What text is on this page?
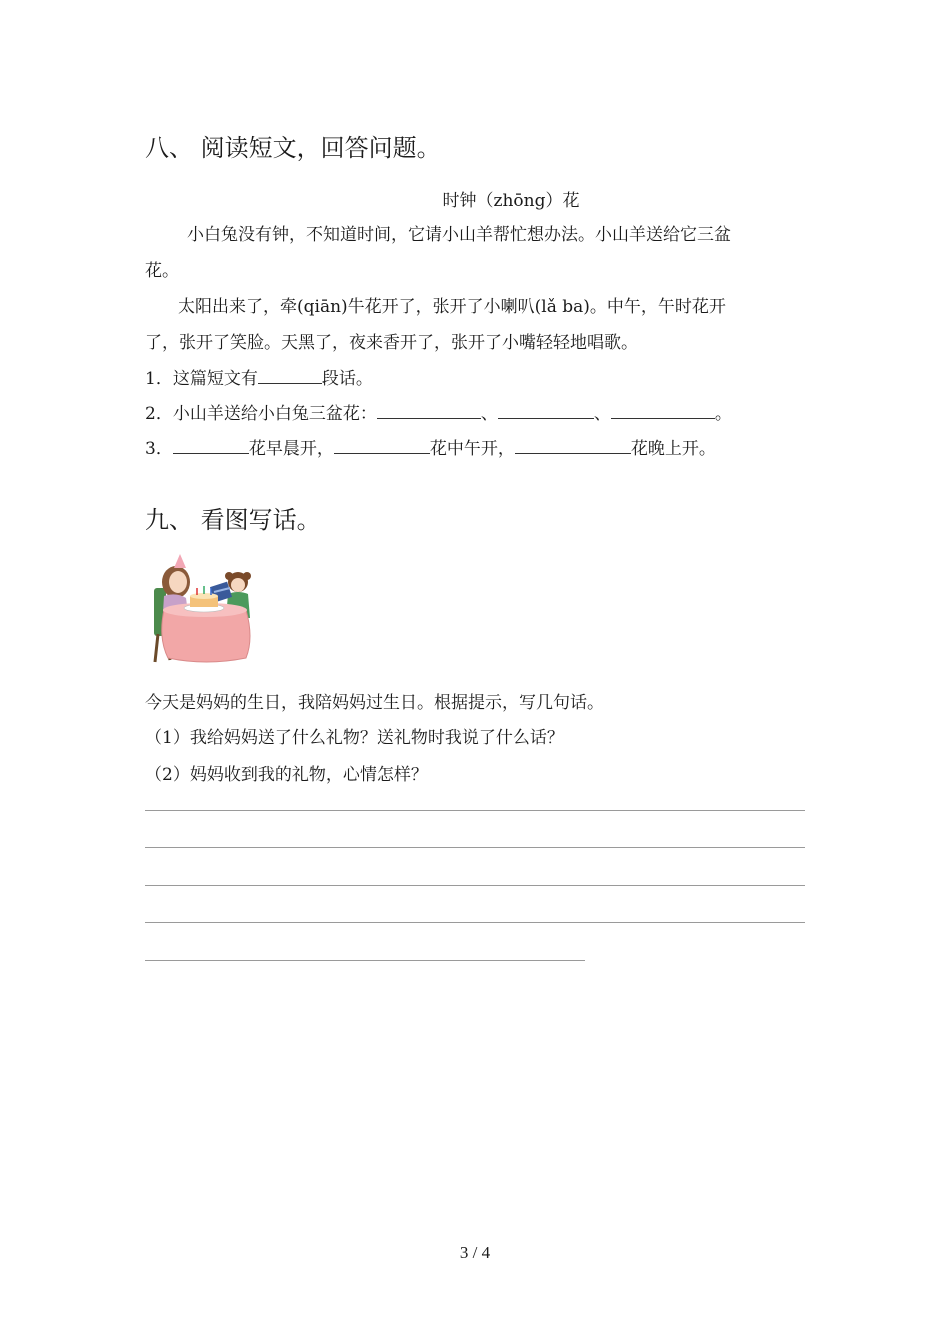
八、 阅读短文，回答问题。
时钟（zhōng）花
小白兔没有钟，不知道时间，它请小山羊帮忙想办法。小山羊送给它三盆
花。
太阳出来了，牵(qiān)牛花开了，张开了小喇叭(lǎ ba)。中午，午时花开
了，张开了笑脸。天黑了，夜来香开了，张开了小嘴轻轻地唱歌。
1．这篇短文有	段话。
2．小山羊送给小白兔三盆花：	、	、	。
3．	花早晨开，	花中午开，	花晚上开。
九、 看图写话。
今天是妈妈的生日，我陪妈妈过生日。根据提示，写几句话。
（1）我给妈妈送了什么礼物？送礼物时我说了什么话？
（2）妈妈收到我的礼物，心情怎样？
3 / 4
